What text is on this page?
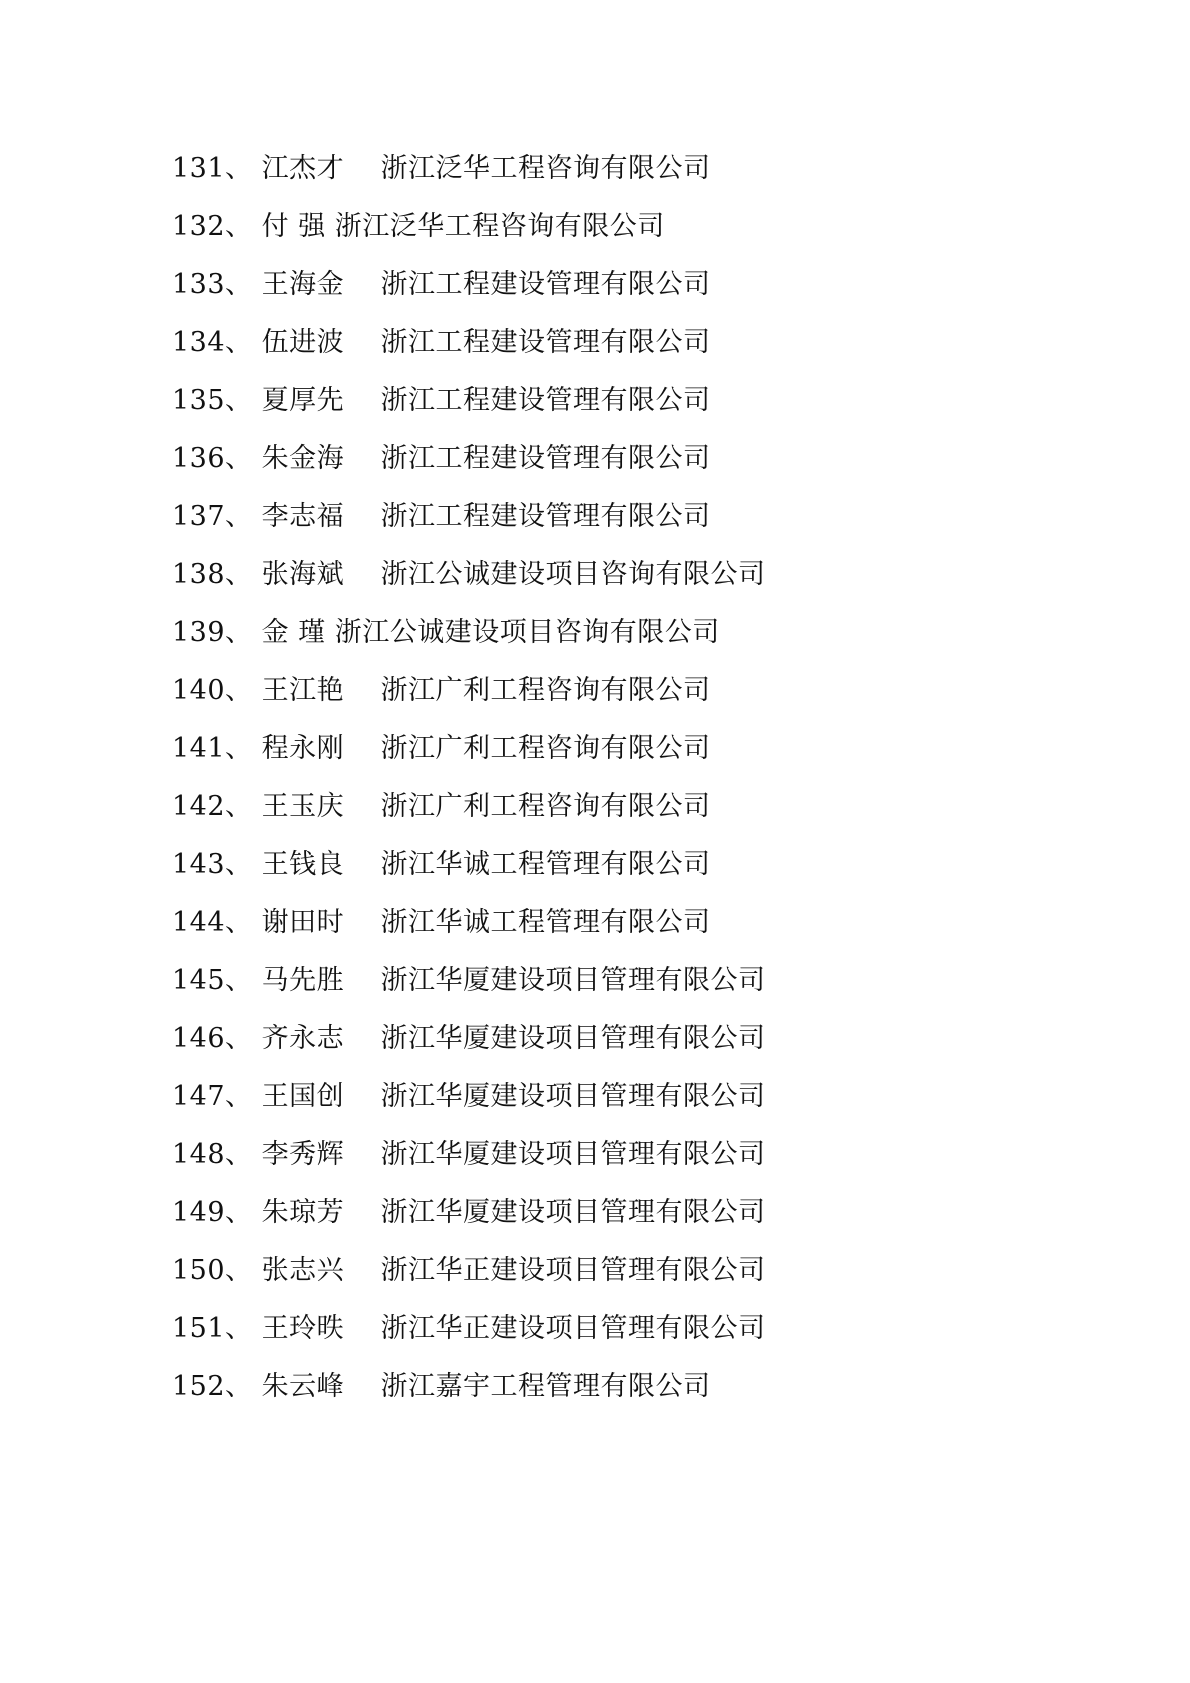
131、 江杰才    浙江泛华工程咨询有限公司
132、 付 强 浙江泛华工程咨询有限公司
133、 王海金    浙江工程建设管理有限公司
134、 伍进波    浙江工程建设管理有限公司
135、 夏厚先    浙江工程建设管理有限公司
136、 朱金海    浙江工程建设管理有限公司
137、 李志福    浙江工程建设管理有限公司
138、 张海斌    浙江公诚建设项目咨询有限公司
139、 金 瑾 浙江公诚建设项目咨询有限公司
140、 王江艳    浙江广利工程咨询有限公司
141、 程永刚    浙江广利工程咨询有限公司
142、 王玉庆    浙江广利工程咨询有限公司
143、 王钱良    浙江华诚工程管理有限公司
144、 谢田时    浙江华诚工程管理有限公司
145、 马先胜    浙江华厦建设项目管理有限公司
146、 齐永志    浙江华厦建设项目管理有限公司
147、 王国创    浙江华厦建设项目管理有限公司
148、 李秀辉    浙江华厦建设项目管理有限公司
149、 朱琼芳    浙江华厦建设项目管理有限公司
150、 张志兴    浙江华正建设项目管理有限公司
151、 王玲昳    浙江华正建设项目管理有限公司
152、 朱云峰    浙江嘉宇工程管理有限公司
